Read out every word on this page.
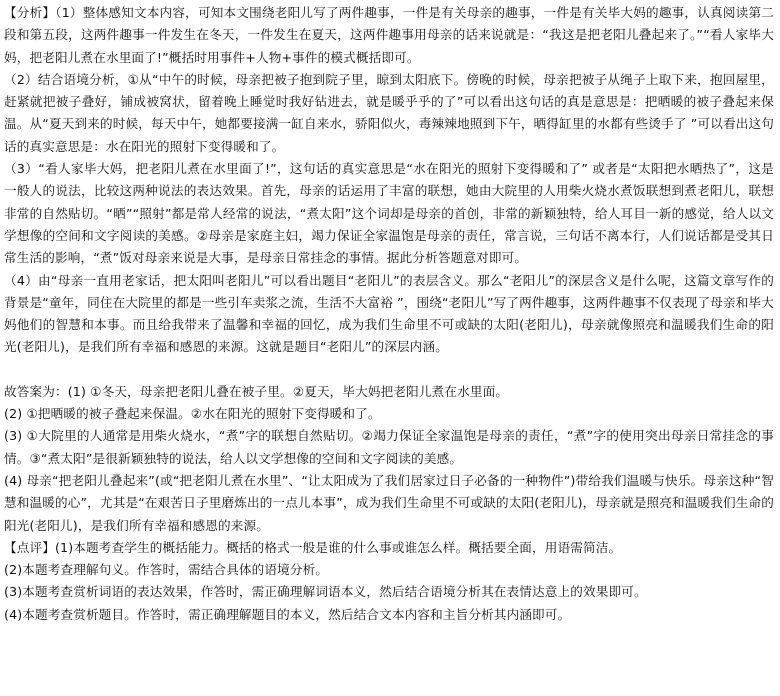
【分析】（1）整体感知文本内容，可知本文围绕老阳儿写了两件趣事，一件是有关母亲的趣事，一件是有关毕大妈的趣事，认真阅读第二段和第五段，这两件趣事一件发生在冬天，一件发生在夏天，这两件趣事用母亲的话来说就是：“我这是把老阳儿叠起来了。”“看人家毕大妈，把老阳儿煮在水里面了!”概括时用事件+人物+事件的模式概括即可。

（2）结合语境分析，①从“中午的时候，母亲把被子抱到院子里，晾到太阳底下。傍晚的时候，母亲把被子从绳子上取下来，抱回屋里，赶紧就把被子叠好，铺成被窝状，留着晚上睡觉时我好钻进去，就是暖乎乎的了”可以看出这句话的真是意思是：把晒暖的被子叠起来保温。从“夏天到来的时候，每天中午，她都要接满一缸自来水，骄阳似火，毒辣辣地照到下午，晒得缸里的水都有些烫手了 ”可以看出这句话的真实意思是：水在阳光的照射下变得暖和了。

（3）“看人家毕大妈，把老阳儿煮在水里面了!”，这句话的真实意思是“水在阳光的照射下变得暖和了” 或者是“太阳把水晒热了”，这是一般人的说法，比较这两种说法的表达效果。首先，母亲的话运用了丰富的联想，她由大院里的人用柴火烧水煮饭联想到煮老阳儿，联想非常的自然贴切。“晒”“照射”都是常人经常的说法，“煮太阳”这个词却是母亲的首创，非常的新颖独特，给人耳目一新的感觉，给人以文学想像的空间和文字阅读的美感。②母亲是家庭主妇，竭力保证全家温饱是母亲的责任，常言说，三句话不离本行，人们说话都是受其日常生活的影响，“煮”饭对母亲来说是大事，是母亲日常挂念的事情。据此分析答题意对即可。

（4）由“母亲一直用老家话，把太阳叫老阳儿”可以看出题目“老阳儿”的表层含义。那么“老阳儿”的深层含义是什么呢，这篇文章写作的背景是“童年，同住在大院里的都是一些引车卖浆之流，生活不大富裕 ”，围绕“老阳儿”写了两件趣事，这两件趣事不仅表现了母亲和毕大妈他们的智慧和本事。而且给我带来了温馨和幸福的回忆，成为我们生命里不可或缺的太阳(老阳儿)，母亲就像照亮和温暖我们生命的阳光(老阳儿)，是我们所有幸福和感恩的来源。这就是题目“老阳儿”的深层内涵。

故答案为：(1) ①冬天，母亲把老阳儿叠在被子里。②夏天，毕大妈把老阳儿煮在水里面。

(2) ①把晒暖的被子叠起来保温。②水在阳光的照射下变得暖和了。

(3) ①大院里的人通常是用柴火烧水，“煮”字的联想自然贴切。②竭力保证全家温饱是母亲的责任，“煮”字的使用突出母亲日常挂念的事情。③“煮太阳”是很新颖独特的说法，给人以文学想像的空间和文字阅读的美感。

(4) 母亲“把老阳儿叠起来”(或“把老阳儿煮在水里”、“让太阳成为了我们居家过日子必备的一种物件”)带给我们温暖与快乐。母亲这种“智慧和温暖的心”，尤其是“在艰苦日子里磨炼出的一点儿本事”，成为我们生命里不可或缺的太阳(老阳儿)，母亲就是照亮和温暖我们生命的阳光(老阳儿)，是我们所有幸福和感恩的来源。

【点评】(1)本题考查学生的概括能力。概括的格式一般是谁的什么事或谁怎么样。概括要全面，用语需简洁。

(2)本题考查理解句义。作答时，需结合具体的语境分析。

(3)本题考查赏析词语的表达效果，作答时，需正确理解词语本义，然后结合语境分析其在表情达意上的效果即可。

(4)本题考查赏析题目。作答时，需正确理解题目的本义，然后结合文本内容和主旨分析其内涵即可。
